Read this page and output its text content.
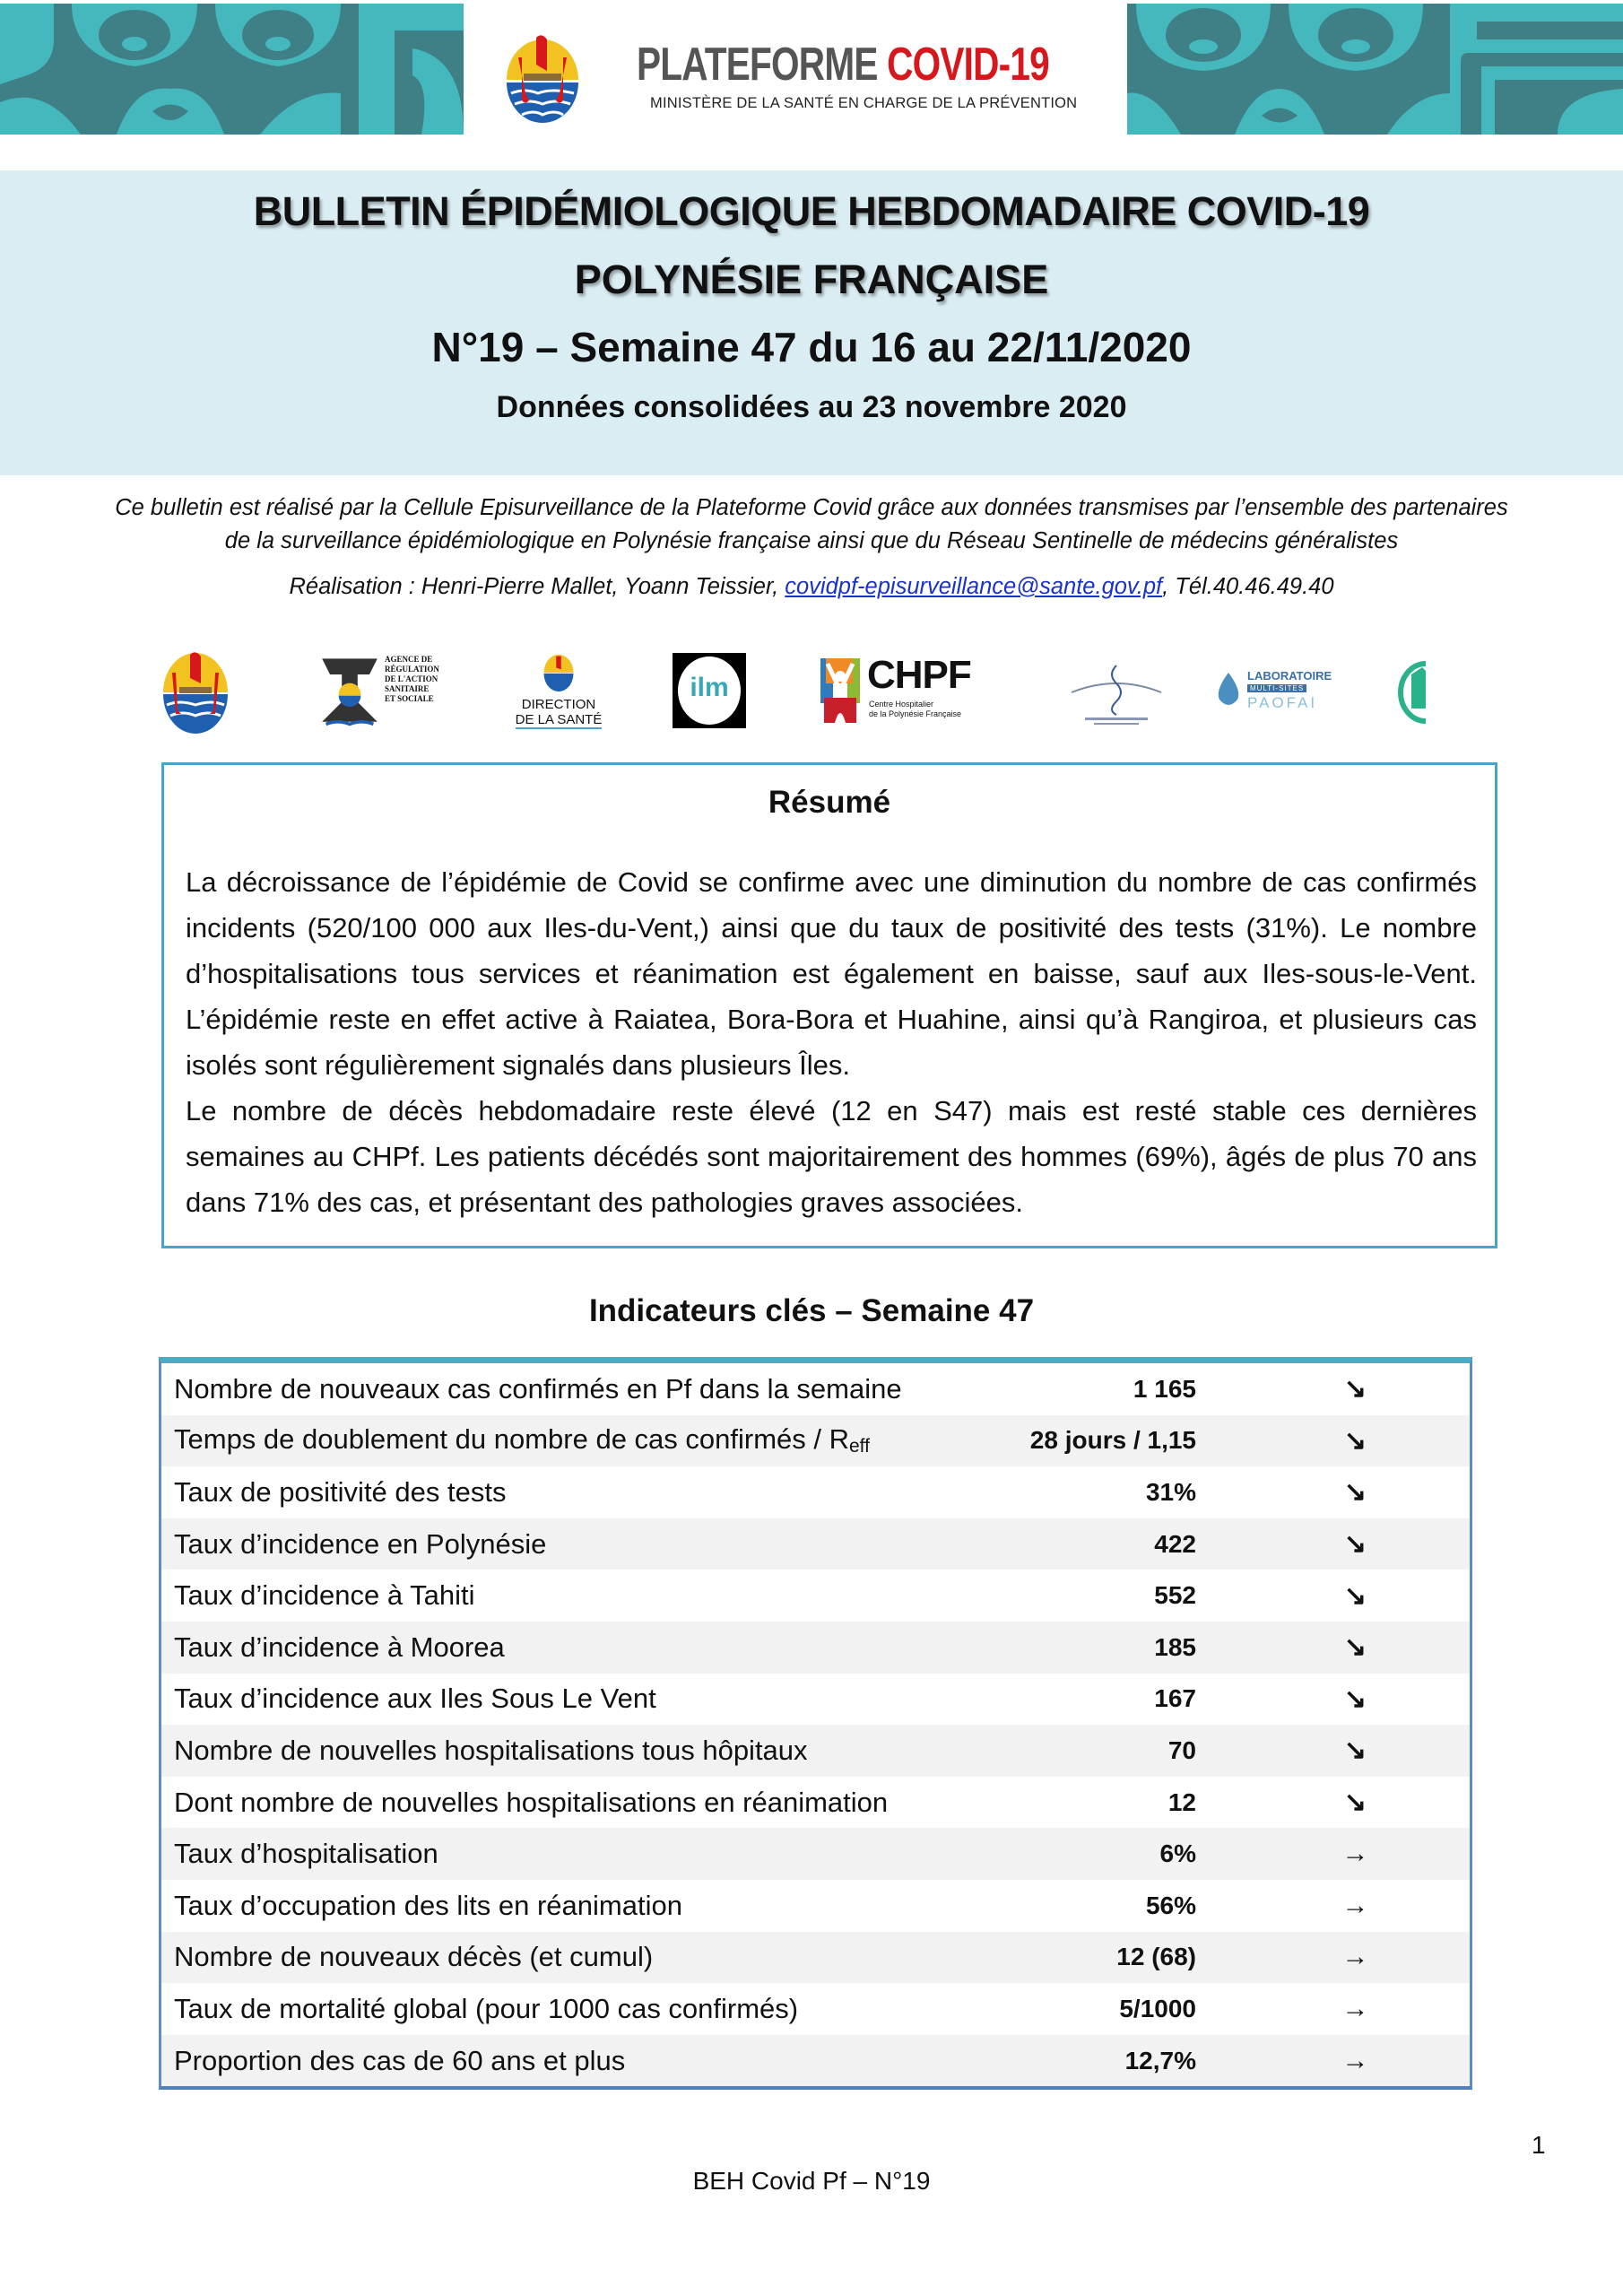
PLATEFORME COVID-19
MINISTÈRE DE LA SANTÉ EN CHARGE DE LA PRÉVENTION
BULLETIN ÉPIDÉMIOLOGIQUE HEBDOMADAIRE COVID-19
POLYNÉSIE FRANÇAISE
N°19 – Semaine 47 du 16 au 22/11/2020
Données consolidées au 23 novembre 2020

Ce bulletin est réalisé par la Cellule Episurveillance de la Plateforme Covid grâce aux données transmises par l’ensemble des partenaires de la surveillance épidémiologique en Polynésie française ainsi que du Réseau Sentinelle de médecins généralistes

Réalisation : Henri-Pierre Mallet, Yoann Teissier, covidpf-episurveillance@sante.gov.pf, Tél.40.46.49.40

AGENCE DE RÉGULATION DE L'ACTION SANITAIRE ET SOCIALE	DIRECTION
DE LA SANTÉ
ilm	CHPF
Centre Hospitalier
de la Polynésie Française
LABORATOIRE
MULTI-SITES
PAOFAI
Résumé

La décroissance de l’épidémie de Covid se confirme avec une diminution du nombre de cas confirmés incidents (520/100 000 aux Iles-du-Vent,) ainsi que du taux de positivité des tests (31%). Le nombre d’hospitalisations tous services et réanimation est également en baisse, sauf aux Iles-sous-le-Vent. L’épidémie reste en effet active à Raiatea, Bora-Bora et Huahine, ainsi qu’à Rangiroa, et plusieurs cas isolés sont régulièrement signalés dans plusieurs Îles.

Le nombre de décès hebdomadaire reste élevé (12 en S47) mais est resté stable ces dernières semaines au CHPf. Les patients décédés sont majoritairement des hommes (69%), âgés de plus 70 ans dans 71% des cas, et présentant des pathologies graves associées.

Indicateurs clés – Semaine 47
Nombre de nouveaux cas confirmés en Pf dans la semaine	1 165	↘
Temps de doublement du nombre de cas confirmés / $R_{eff}$	28 jours / 1,15	↘
Taux de positivité des tests	31%	↘
Taux d’incidence en Polynésie	422	↘
Taux d’incidence à Tahiti	552	↘
Taux d’incidence à Moorea	185	↘
Taux d’incidence aux Iles Sous Le Vent	167	↘
Nombre de nouvelles hospitalisations tous hôpitaux	70	↘
Dont nombre de nouvelles hospitalisations en réanimation	12	↘
Taux d’hospitalisation	6%	→
Taux d’occupation des lits en réanimation	56%	→
Nombre de nouveaux décès (et cumul)	12 (68)	→
Taux de mortalité global (pour 1000 cas confirmés)	5/1000	→
Proportion des cas de 60 ans et plus	12,7%	→
1
BEH Covid Pf – N°19
